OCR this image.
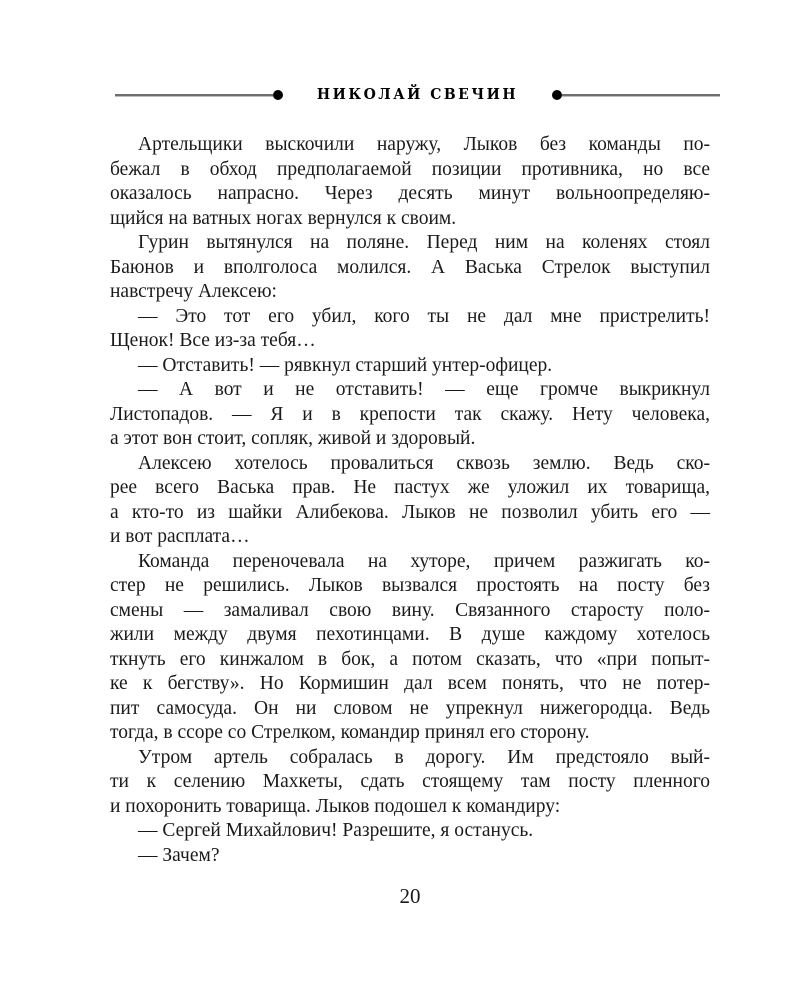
НИКОЛАЙ СВЕЧИН
Артельщики выскочили наружу, Лыков без команды по-
бежал в обход предполагаемой позиции противника, но все
оказалось напрасно. Через десять минут вольноопределяю-
щийся на ватных ногах вернулся к своим.
Гурин вытянулся на поляне. Перед ним на коленях стоял
Баюнов и вполголоса молился. А Васька Стрелок выступил
навстречу Алексею:
— Это тот его убил, кого ты не дал мне пристрелить!
Щенок! Все из-за тебя…
— Отставить! — рявкнул старший унтер-офицер.
— А вот и не отставить! — еще громче выкрикнул
Листопадов. — Я и в крепости так скажу. Нету человека,
а этот вон стоит, сопляк, живой и здоровый.
Алексею хотелось провалиться сквозь землю. Ведь ско-
рее всего Васька прав. Не пастух же уложил их товарища,
а кто-то из шайки Алибекова. Лыков не позволил убить его —
и вот расплата…
Команда переночевала на хуторе, причем разжигать ко-
стер не решились. Лыков вызвался простоять на посту без
смены — замаливал свою вину. Связанного старосту поло-
жили между двумя пехотинцами. В душе каждому хотелось
ткнуть его кинжалом в бок, а потом сказать, что «при попыт-
ке к бегству». Но Кормишин дал всем понять, что не потер-
пит самосуда. Он ни словом не упрекнул нижегородца. Ведь
тогда, в ссоре со Стрелком, командир принял его сторону.
Утром артель собралась в дорогу. Им предстояло вый-
ти к селению Махкеты, сдать стоящему там посту пленного
и похоронить товарища. Лыков подошел к командиру:
— Сергей Михайлович! Разрешите, я останусь.
— Зачем?
20
